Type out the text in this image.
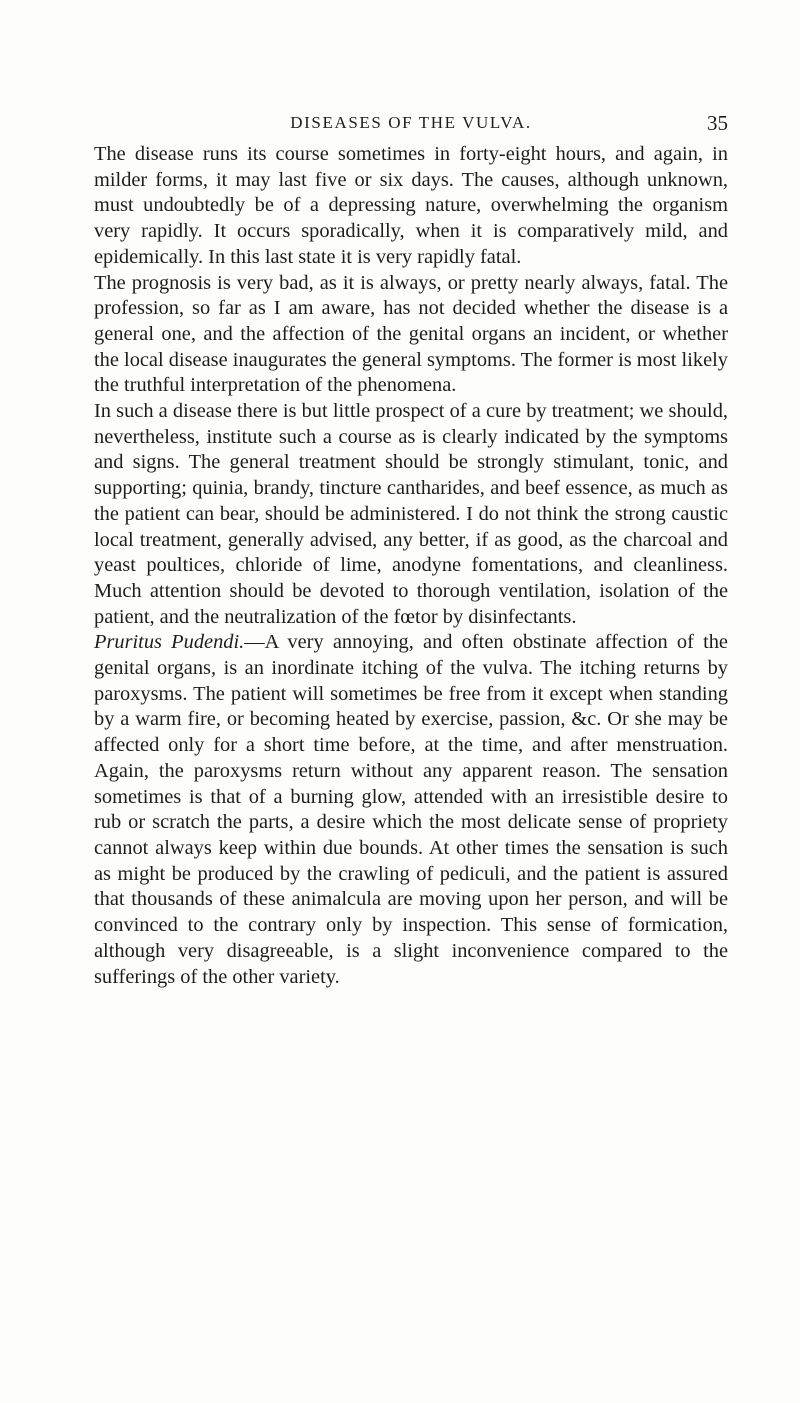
DISEASES OF THE VULVA.	35

The disease runs its course sometimes in forty-eight hours, and again, in milder forms, it may last five or six days. The causes, although unknown, must undoubtedly be of a depressing nature, overwhelming the organism very rapidly. It occurs sporadically, when it is comparatively mild, and epidemically. In this last state it is very rapidly fatal.

The prognosis is very bad, as it is always, or pretty nearly always, fatal. The profession, so far as I am aware, has not decided whether the disease is a general one, and the affection of the genital organs an incident, or whether the local disease inaugurates the general symptoms. The former is most likely the truthful interpretation of the phenomena.

In such a disease there is but little prospect of a cure by treatment; we should, nevertheless, institute such a course as is clearly indicated by the symptoms and signs. The general treatment should be strongly stimulant, tonic, and supporting; quinia, brandy, tincture cantharides, and beef essence, as much as the patient can bear, should be administered. I do not think the strong caustic local treatment, generally advised, any better, if as good, as the charcoal and yeast poultices, chloride of lime, anodyne fomentations, and cleanliness. Much attention should be devoted to thorough ventilation, isolation of the patient, and the neutralization of the fœtor by disinfectants.

Pruritus Pudendi.—A very annoying, and often obstinate affection of the genital organs, is an inordinate itching of the vulva. The itching returns by paroxysms. The patient will sometimes be free from it except when standing by a warm fire, or becoming heated by exercise, passion, &c. Or she may be affected only for a short time before, at the time, and after menstruation. Again, the paroxysms return without any apparent reason. The sensation sometimes is that of a burning glow, attended with an irresistible desire to rub or scratch the parts, a desire which the most delicate sense of propriety cannot always keep within due bounds. At other times the sensation is such as might be produced by the crawling of pediculi, and the patient is assured that thousands of these animalcula are moving upon her person, and will be convinced to the contrary only by inspection. This sense of formication, although very disagreeable, is a slight inconvenience compared to the sufferings of the other variety.
